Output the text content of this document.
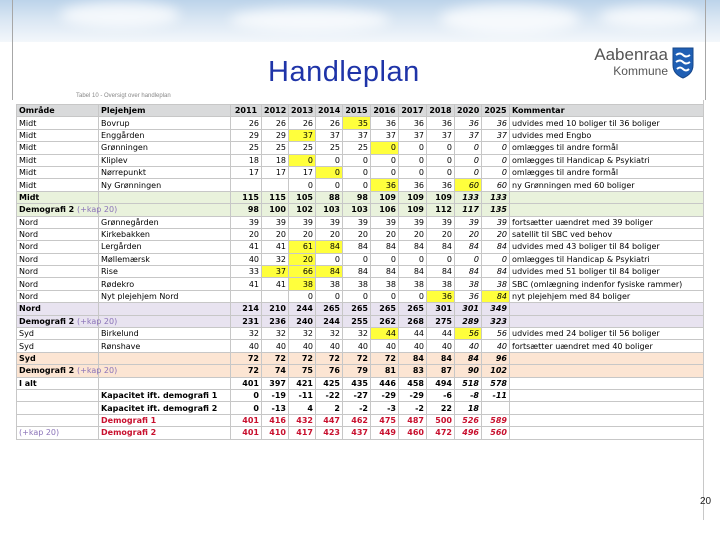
Handleplan
Aabenraa
Kommune
Tabel 10 - Oversigt over handleplan
Område	Plejehjem	2011	2012	2013	2014	2015	2016	2017	2018	2020	2025	Kommentar
Midt	Bovrup	26	26	26	26	35	36	36	36	36	36	udvides med 10 boliger til 36 boliger
Midt	Enggården	29	29	37	37	37	37	37	37	37	37	udvides med Engbo
Midt	Grønningen	25	25	25	25	25	0	0	0	0	0	omlægges til andre formål
Midt	Kliplev	18	18	0	0	0	0	0	0	0	0	omlægges til Handicap & Psykiatri
Midt	Nørrepunkt	17	17	17	0	0	0	0	0	0	0	omlægges til andre formål
Midt	Ny Grønningen			0	0	0	36	36	36	60	60	ny Grønningen med 60 boliger
Midt		115	115	105	88	98	109	109	109	133	133	
Demografi 2 (+kap 20)		98	100	102	103	103	106	109	112	117	135	
Nord	Grønnegården	39	39	39	39	39	39	39	39	39	39	fortsætter uændret med 39 boliger
Nord	Kirkebakken	20	20	20	20	20	20	20	20	20	20	satellit til SBC ved behov
Nord	Lergården	41	41	61	84	84	84	84	84	84	84	udvides med 43 boliger til 84 boliger
Nord	Møllemærsk	40	32	20	0	0	0	0	0	0	0	omlægges til Handicap & Psykiatri
Nord	Rise	33	37	66	84	84	84	84	84	84	84	udvides med 51 boliger til 84 boliger
Nord	Rødekro	41	41	38	38	38	38	38	38	38	38	SBC (omlægning indenfor fysiske rammer)
Nord	Nyt plejehjem Nord			0	0	0	0	0	36	36	84	nyt plejehjem med 84 boliger
Nord		214	210	244	265	265	265	265	301	301	349	
Demografi 2 (+kap 20)		231	236	240	244	255	262	268	275	289	323	
Syd	Birkelund	32	32	32	32	32	44	44	44	56	56	udvides med 24 boliger til 56 boliger
Syd	Rønshave	40	40	40	40	40	40	40	40	40	40	fortsætter uændret med 40 boliger
Syd		72	72	72	72	72	72	84	84	84	96	
Demografi 2 (+kap 20)		72	74	75	76	79	81	83	87	90	102	
I alt		401	397	421	425	435	446	458	494	518	578	
	Kapacitet ift. demografi 1	0	-19	-11	-22	-27	-29	-29	-6	-8	-11	
	Kapacitet ift. demografi 2	0	-13	4	2	-2	-3	-2	22	18		
	Demografi 1	401	416	432	447	462	475	487	500	526	589	
(+kap 20)	Demografi 2	401	410	417	423	437	449	460	472	496	560	
20
